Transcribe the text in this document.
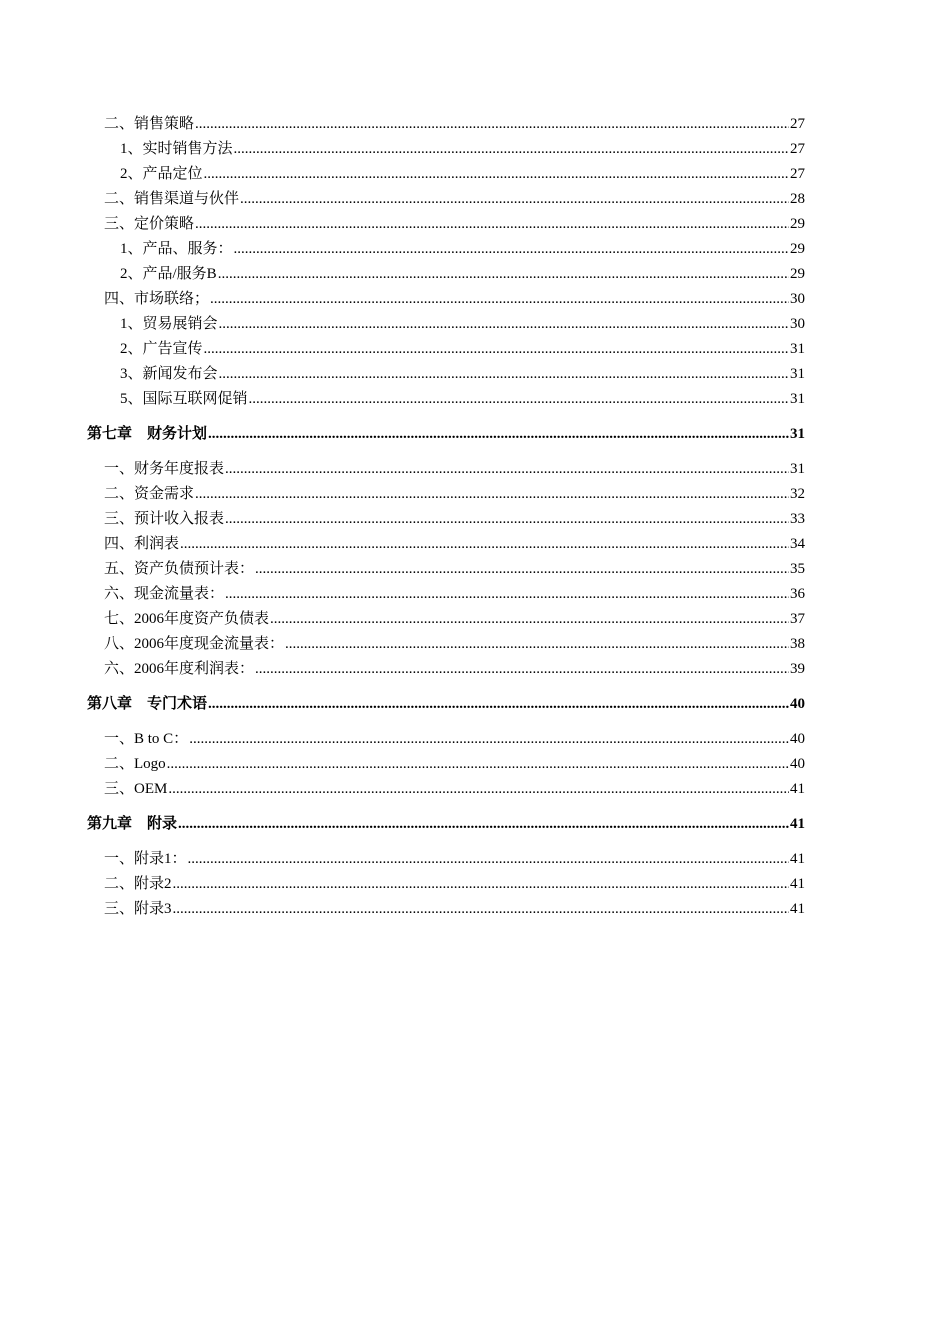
二、销售策略 .....	27
1、实时销售方法 .....	27
2、产品定位 .....	27
二、销售渠道与伙伴 .....	28
三、定价策略 .....	29
1、产品、服务： .....	29
2、产品/服务B .....	29
四、市场联络； .....	30
1、贸易展销会 .....	30
2、广告宣传 .....	31
3、新闻发布会 .....	31
5、国际互联网促销 .....	31
第七章　财务计划 .....	31
一、财务年度报表 .....	31
二、资金需求 .....	32
三、预计收入报表 .....	33
四、利润表 .....	34
五、资产负债预计表： .....	35
六、现金流量表： .....	36
七、2006年度资产负债表 .....	37
八、2006年度现金流量表： .....	38
六、2006年度利润表： .....	39
第八章　专门术语 .....	40
一、B to C： .....	40
二、Logo .....	40
三、OEM .....	41
第九章　附录 .....	41
一、附录1： .....	41
二、附录2 .....	41
三、附录3 .....	41
